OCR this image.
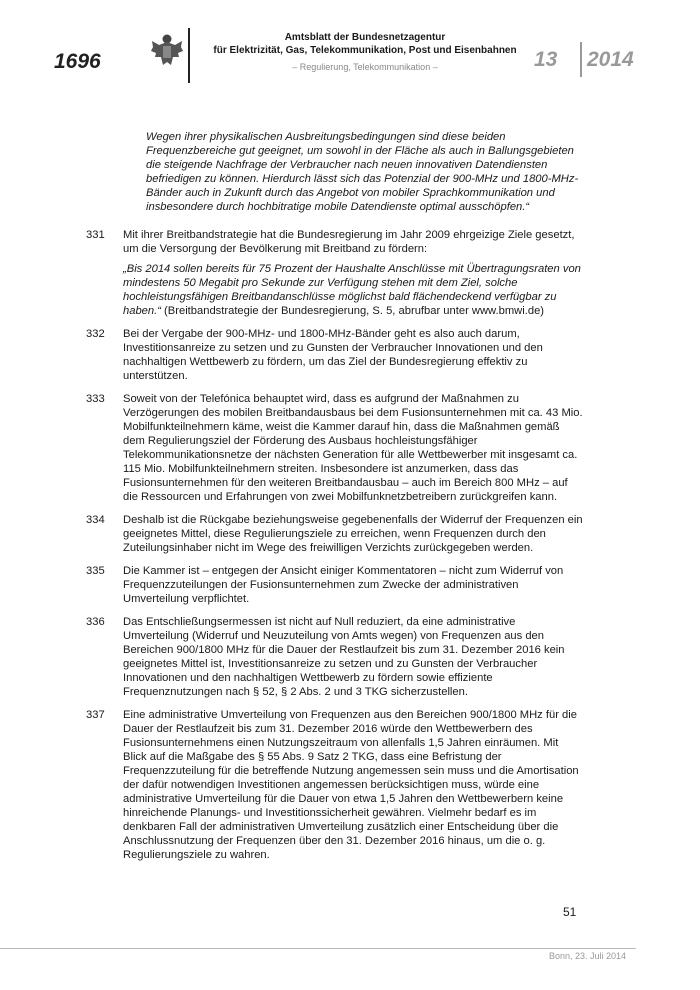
1696
Amtsblatt der Bundesnetzagentur
für Elektrizität, Gas, Telekommunikation, Post und Eisenbahnen
– Regulierung, Telekommunikation –	13 2014
Wegen ihrer physikalischen Ausbreitungsbedingungen sind diese beiden Frequenzbereiche gut geeignet, um sowohl in der Fläche als auch in Ballungsgebieten die steigende Nachfrage der Verbraucher nach neuen innovativen Datendiensten befriedigen zu können. Hierdurch lässt sich das Potenzial der 900-MHz und 1800-MHz-Bänder auch in Zukunft durch das Angebot von mobiler Sprachkommunikation und insbesondere durch hochbitratige mobile Datendienste optimal ausschöpfen.“
331 Mit ihrer Breitbandstrategie hat die Bundesregierung im Jahr 2009 ehrgeizige Ziele gesetzt, um die Versorgung der Bevölkerung mit Breitband zu fördern:
„Bis 2014 sollen bereits für 75 Prozent der Haushalte Anschlüsse mit Übertragungsraten von mindestens 50 Megabit pro Sekunde zur Verfügung stehen mit dem Ziel, solche hochleistungsfähigen Breitbandanschlüsse möglichst bald flächendeckend verfügbar zu haben.“ (Breitbandstrategie der Bundesregierung, S. 5, abrufbar unter www.bmwi.de)
332 Bei der Vergabe der 900-MHz- und 1800-MHz-Bänder geht es also auch darum, Investitionsanreize zu setzen und zu Gunsten der Verbraucher Innovationen und den nachhaltigen Wettbewerb zu fördern, um das Ziel der Bundesregierung effektiv zu unterstützen.
333 Soweit von der Telefónica behauptet wird, dass es aufgrund der Maßnahmen zu Verzögerungen des mobilen Breitbandausbaus bei dem Fusionsunternehmen mit ca. 43 Mio. Mobilfunkteilnehmern käme, weist die Kammer darauf hin, dass die Maßnahmen gemäß dem Regulierungsziel der Förderung des Ausbaus hochleistungsfähiger Telekommunikationsnetze der nächsten Generation für alle Wettbewerber mit insgesamt ca. 115 Mio. Mobilfunkteilnehmern streiten. Insbesondere ist anzumerken, dass das Fusionsunternehmen für den weiteren Breitbandausbau – auch im Bereich 800 MHz – auf die Ressourcen und Erfahrungen von zwei Mobilfunknetzbetreibern zurückgreifen kann.
334 Deshalb ist die Rückgabe beziehungsweise gegebenenfalls der Widerruf der Frequenzen ein geeignetes Mittel, diese Regulierungsziele zu erreichen, wenn Frequenzen durch den Zuteilungsinhaber nicht im Wege des freiwilligen Verzichts zurückgegeben werden.
335 Die Kammer ist – entgegen der Ansicht einiger Kommentatoren – nicht zum Widerruf von Frequenzzuteilungen der Fusionsunternehmen zum Zwecke der administrativen Umverteilung verpflichtet.
336 Das Entschließungsermessen ist nicht auf Null reduziert, da eine administrative Umverteilung (Widerruf und Neuzuteilung von Amts wegen) von Frequenzen aus den Bereichen 900/1800 MHz für die Dauer der Restlaufzeit bis zum 31. Dezember 2016 kein geeignetes Mittel ist, Investitionsanreize zu setzen und zu Gunsten der Verbraucher Innovationen und den nachhaltigen Wettbewerb zu fördern sowie effiziente Frequenznutzungen nach § 52, § 2 Abs. 2 und 3 TKG sicherzustellen.
337 Eine administrative Umverteilung von Frequenzen aus den Bereichen 900/1800 MHz für die Dauer der Restlaufzeit bis zum 31. Dezember 2016 würde den Wettbewerbern des Fusionsunternehmens einen Nutzungszeitraum von allenfalls 1,5 Jahren einräumen. Mit Blick auf die Maßgabe des § 55 Abs. 9 Satz 2 TKG, dass eine Befristung der Frequenzzuteilung für die betreffende Nutzung angemessen sein muss und die Amortisation der dafür notwendigen Investitionen angemessen berücksichtigen muss, würde eine administrative Umverteilung für die Dauer von etwa 1,5 Jahren den Wettbewerbern keine hinreichende Planungs- und Investitionssicherheit gewähren. Vielmehr bedarf es im denkbaren Fall der administrativen Umverteilung zusätzlich einer Entscheidung über die Anschlussnutzung der Frequenzen über den 31. Dezember 2016 hinaus, um die o. g. Regulierungsziele zu wahren.
51
Bonn, 23. Juli 2014
